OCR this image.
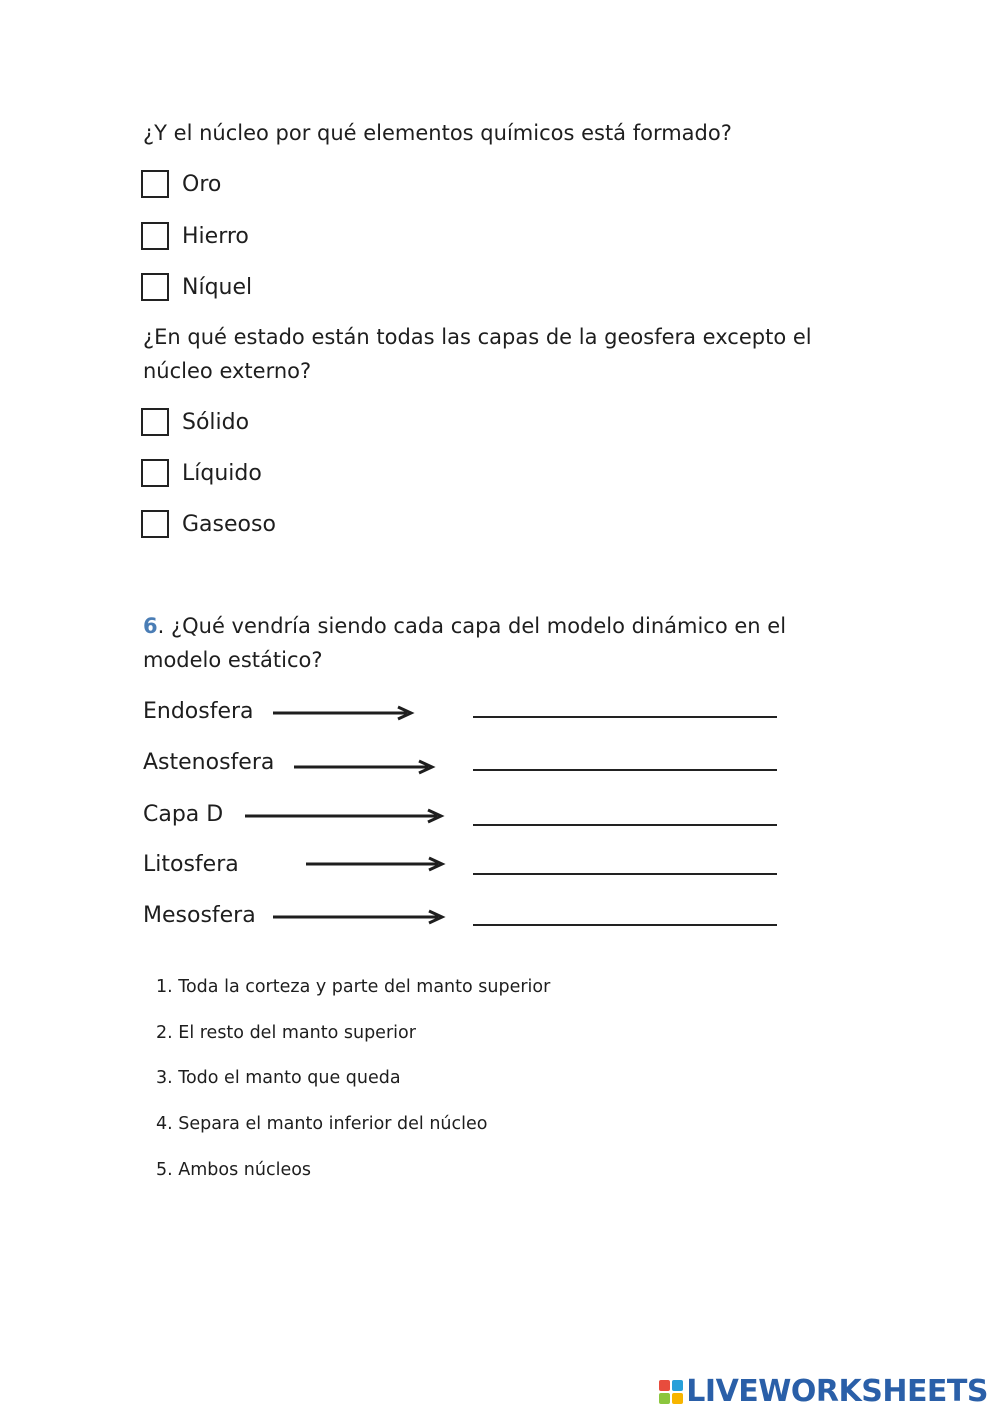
¿Y el núcleo por qué elementos químicos está formado?
Oro
Hierro
Níquel
¿En qué estado están todas las capas de la geosfera excepto el
núcleo externo?
Sólido
Líquido
Gaseoso
6. ¿Qué vendría siendo cada capa del modelo dinámico en el
modelo estático?
Endosfera
Astenosfera
Capa D
Litosfera
Mesosfera
1. Toda la corteza y parte del manto superior
2. El resto del manto superior
3. Todo el manto que queda
4. Separa el manto inferior del núcleo
5. Ambos núcleos
LIVEWORKSHEETS
